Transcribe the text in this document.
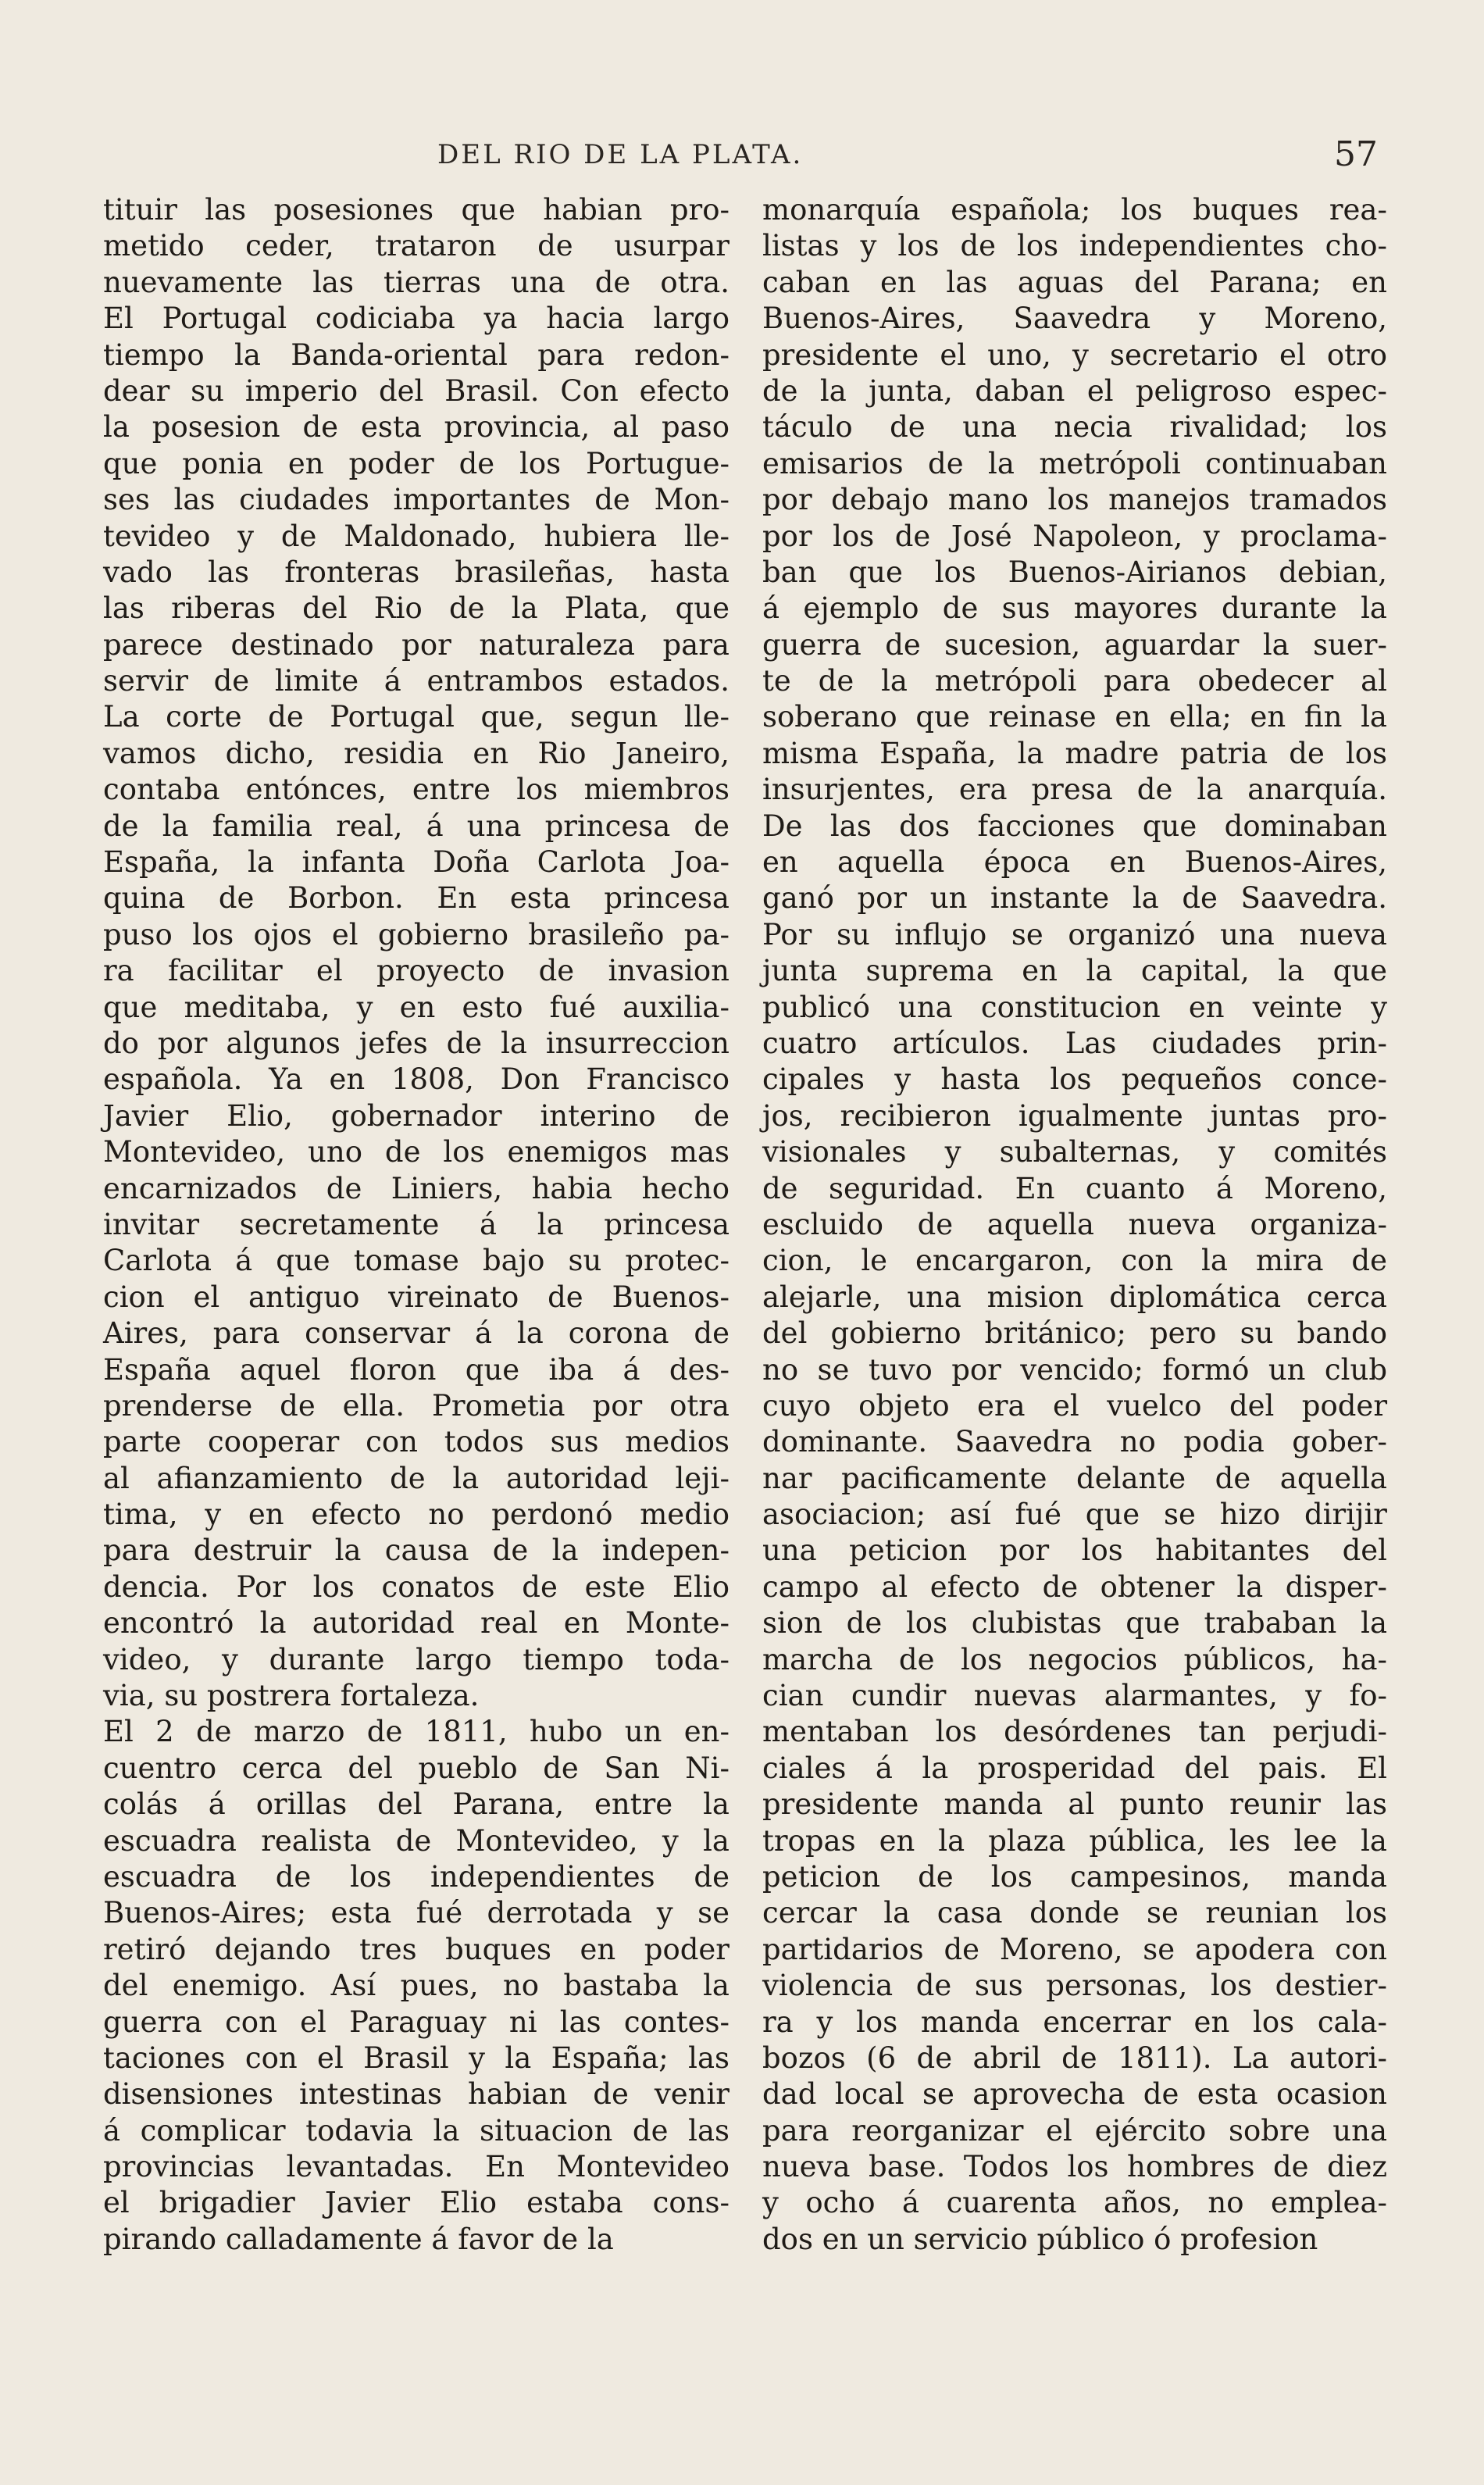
DEL RIO DE LA PLATA.	57
tituir las posesiones que habian pro-
metido ceder, trataron de usurpar
nuevamente las tierras una de otra.
El Portugal codiciaba ya hacia largo
tiempo la Banda-oriental para redon-
dear su imperio del Brasil. Con efecto
la posesion de esta provincia, al paso
que ponia en poder de los Portugue-
ses las ciudades importantes de Mon-
tevideo y de Maldonado, hubiera lle-
vado las fronteras brasileñas, hasta
las riberas del Rio de la Plata, que
parece destinado por naturaleza para
servir de limite á entrambos estados.
La corte de Portugal que, segun lle-
vamos dicho, residia en Rio Janeiro,
contaba entónces, entre los miembros
de la familia real, á una princesa de
España, la infanta Doña Carlota Joa-
quina de Borbon. En esta princesa
puso los ojos el gobierno brasileño pa-
ra facilitar el proyecto de invasion
que meditaba, y en esto fué auxilia-
do por algunos jefes de la insurreccion
española. Ya en 1808, Don Francisco
Javier Elio, gobernador interino de
Montevideo, uno de los enemigos mas
encarnizados de Liniers, habia hecho
invitar secretamente á la princesa
Carlota á que tomase bajo su protec-
cion el antiguo vireinato de Buenos-
Aires, para conservar á la corona de
España aquel floron que iba á des-
prenderse de ella. Prometia por otra
parte cooperar con todos sus medios
al afianzamiento de la autoridad leji-
tima, y en efecto no perdonó medio
para destruir la causa de la indepen-
dencia. Por los conatos de este Elio
encontró la autoridad real en Monte-
video, y durante largo tiempo toda-
via, su postrera fortaleza.
El 2 de marzo de 1811, hubo un en-
cuentro cerca del pueblo de San Ni-
colás á orillas del Parana, entre la
escuadra realista de Montevideo, y la
escuadra de los independientes de
Buenos-Aires; esta fué derrotada y se
retiró dejando tres buques en poder
del enemigo. Así pues, no bastaba la
guerra con el Paraguay ni las contes-
taciones con el Brasil y la España; las
disensiones intestinas habian de venir
á complicar todavia la situacion de las
provincias levantadas. En Montevideo
el brigadier Javier Elio estaba cons-
pirando calladamente á favor de la
monarquía española; los buques rea-
listas y los de los independientes cho-
caban en las aguas del Parana; en
Buenos-Aires, Saavedra y Moreno,
presidente el uno, y secretario el otro
de la junta, daban el peligroso espec-
táculo de una necia rivalidad; los
emisarios de la metrópoli continuaban
por debajo mano los manejos tramados
por los de José Napoleon, y proclama-
ban que los Buenos-Airianos debian,
á ejemplo de sus mayores durante la
guerra de sucesion, aguardar la suer-
te de la metrópoli para obedecer al
soberano que reinase en ella; en fin la
misma España, la madre patria de los
insurjentes, era presa de la anarquía.
De las dos facciones que dominaban
en aquella época en Buenos-Aires,
ganó por un instante la de Saavedra.
Por su influjo se organizó una nueva
junta suprema en la capital, la que
publicó una constitucion en veinte y
cuatro artículos. Las ciudades prin-
cipales y hasta los pequeños conce-
jos, recibieron igualmente juntas pro-
visionales y subalternas, y comités
de seguridad. En cuanto á Moreno,
escluido de aquella nueva organiza-
cion, le encargaron, con la mira de
alejarle, una mision diplomática cerca
del gobierno británico; pero su bando
no se tuvo por vencido; formó un club
cuyo objeto era el vuelco del poder
dominante. Saavedra no podia gober-
nar pacificamente delante de aquella
asociacion; así fué que se hizo dirijir
una peticion por los habitantes del
campo al efecto de obtener la disper-
sion de los clubistas que trababan la
marcha de los negocios públicos, ha-
cian cundir nuevas alarmantes, y fo-
mentaban los desórdenes tan perjudi-
ciales á la prosperidad del pais. El
presidente manda al punto reunir las
tropas en la plaza pública, les lee la
peticion de los campesinos, manda
cercar la casa donde se reunian los
partidarios de Moreno, se apodera con
violencia de sus personas, los destier-
ra y los manda encerrar en los cala-
bozos (6 de abril de 1811). La autori-
dad local se aprovecha de esta ocasion
para reorganizar el ejército sobre una
nueva base. Todos los hombres de diez
y ocho á cuarenta años, no emplea-
dos en un servicio público ó profesion
